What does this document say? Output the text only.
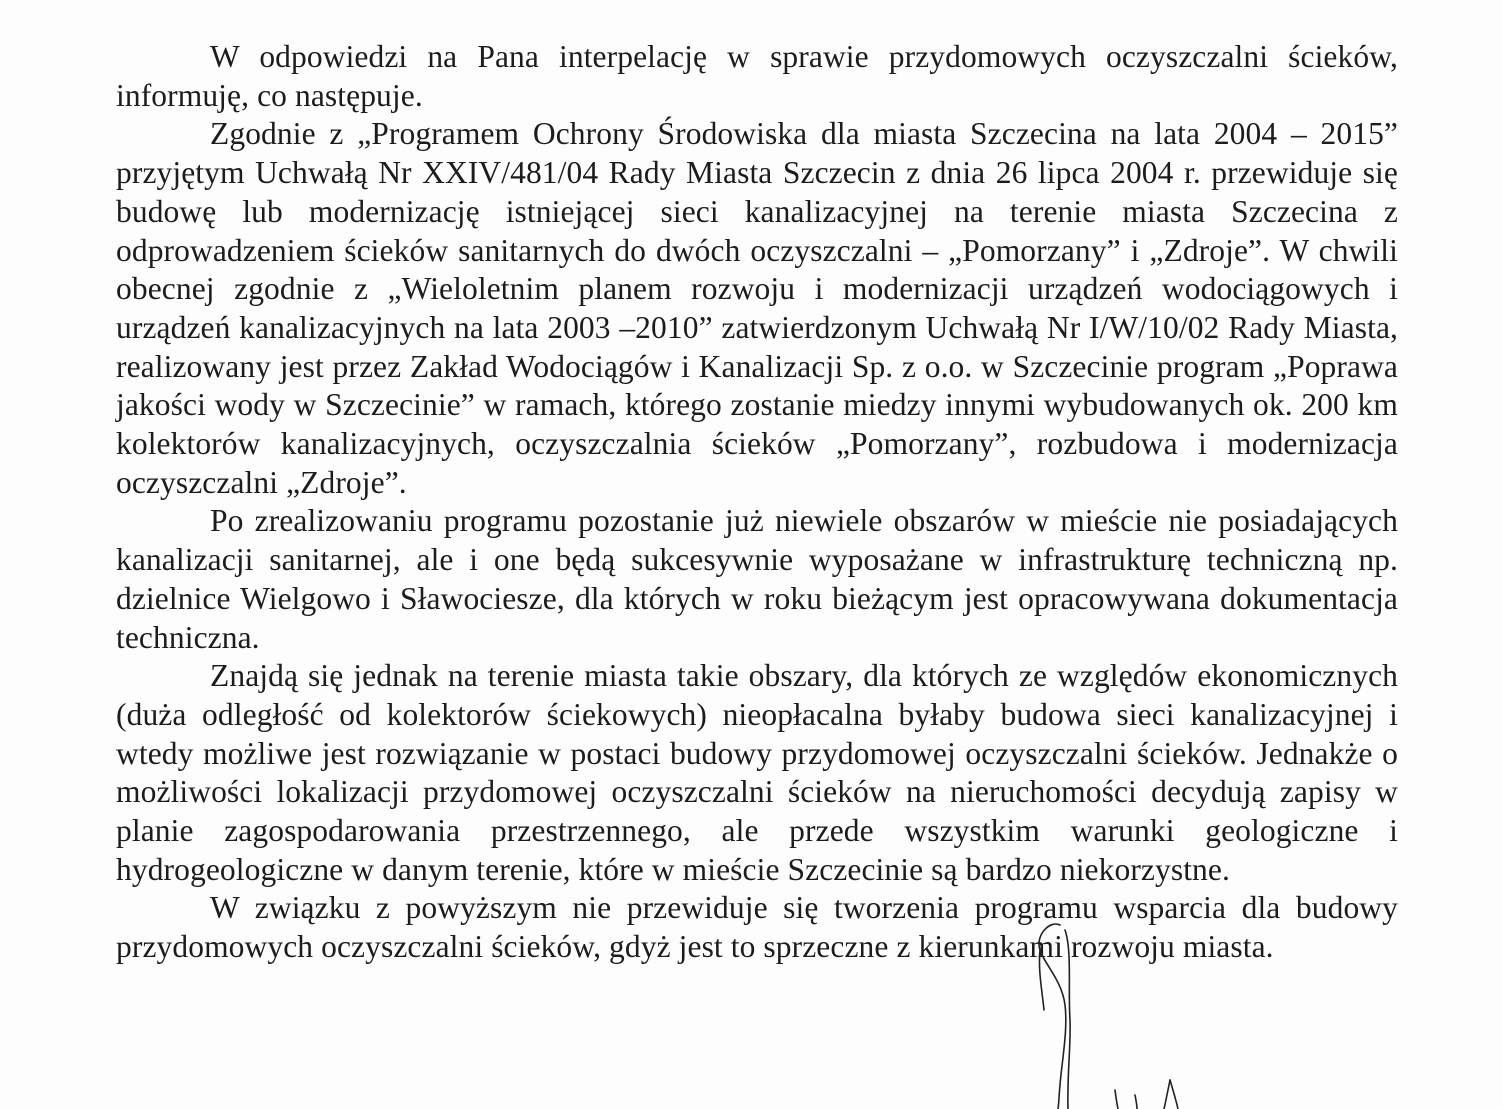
W odpowiedzi na Pana interpelację w sprawie przydomowych oczyszczalni ścieków, informuję, co następuje.

Zgodnie z „Programem Ochrony Środowiska dla miasta Szczecina na lata 2004 – 2015” przyjętym Uchwałą Nr XXIV/481/04 Rady Miasta Szczecin z dnia 26 lipca 2004 r. przewiduje się budowę lub modernizację istniejącej sieci kanalizacyjnej na terenie miasta Szczecina z odprowadzeniem ścieków sanitarnych do dwóch oczyszczalni – „Pomorzany” i „Zdroje”. W chwili obecnej zgodnie z „Wieloletnim planem rozwoju i modernizacji urządzeń wodociągowych i urządzeń kanalizacyjnych na lata 2003 –2010” zatwierdzonym Uchwałą Nr I/W/10/02 Rady Miasta, realizowany jest przez Zakład Wodociągów i Kanalizacji Sp. z o.o. w Szczecinie program „Poprawa jakości wody w Szczecinie” w ramach, którego zostanie miedzy innymi wybudowanych ok. 200 km kolektorów kanalizacyjnych, oczyszczalnia ścieków „Pomorzany”, rozbudowa i modernizacja oczyszczalni „Zdroje”.

Po zrealizowaniu programu pozostanie już niewiele obszarów w mieście nie posiadających kanalizacji sanitarnej, ale i one będą sukcesywnie wyposażane w infrastrukturę techniczną np. dzielnice Wielgowo i Sławociesze, dla których w roku bieżącym jest opracowywana dokumentacja techniczna.

Znajdą się jednak na terenie miasta takie obszary, dla których ze względów ekonomicznych (duża odległość od kolektorów ściekowych) nieopłacalna byłaby budowa sieci kanalizacyjnej i wtedy możliwe jest rozwiązanie w postaci budowy przydomowej oczyszczalni ścieków. Jednakże o możliwości lokalizacji przydomowej oczyszczalni ścieków na nieruchomości decydują zapisy w planie zagospodarowania przestrzennego, ale przede wszystkim warunki geologiczne i hydrogeologiczne w danym terenie, które w mieście Szczecinie są bardzo niekorzystne.

W związku z powyższym nie przewiduje się tworzenia programu wsparcia dla budowy przydomowych oczyszczalni ścieków, gdyż jest to sprzeczne z kierunkami rozwoju miasta.
